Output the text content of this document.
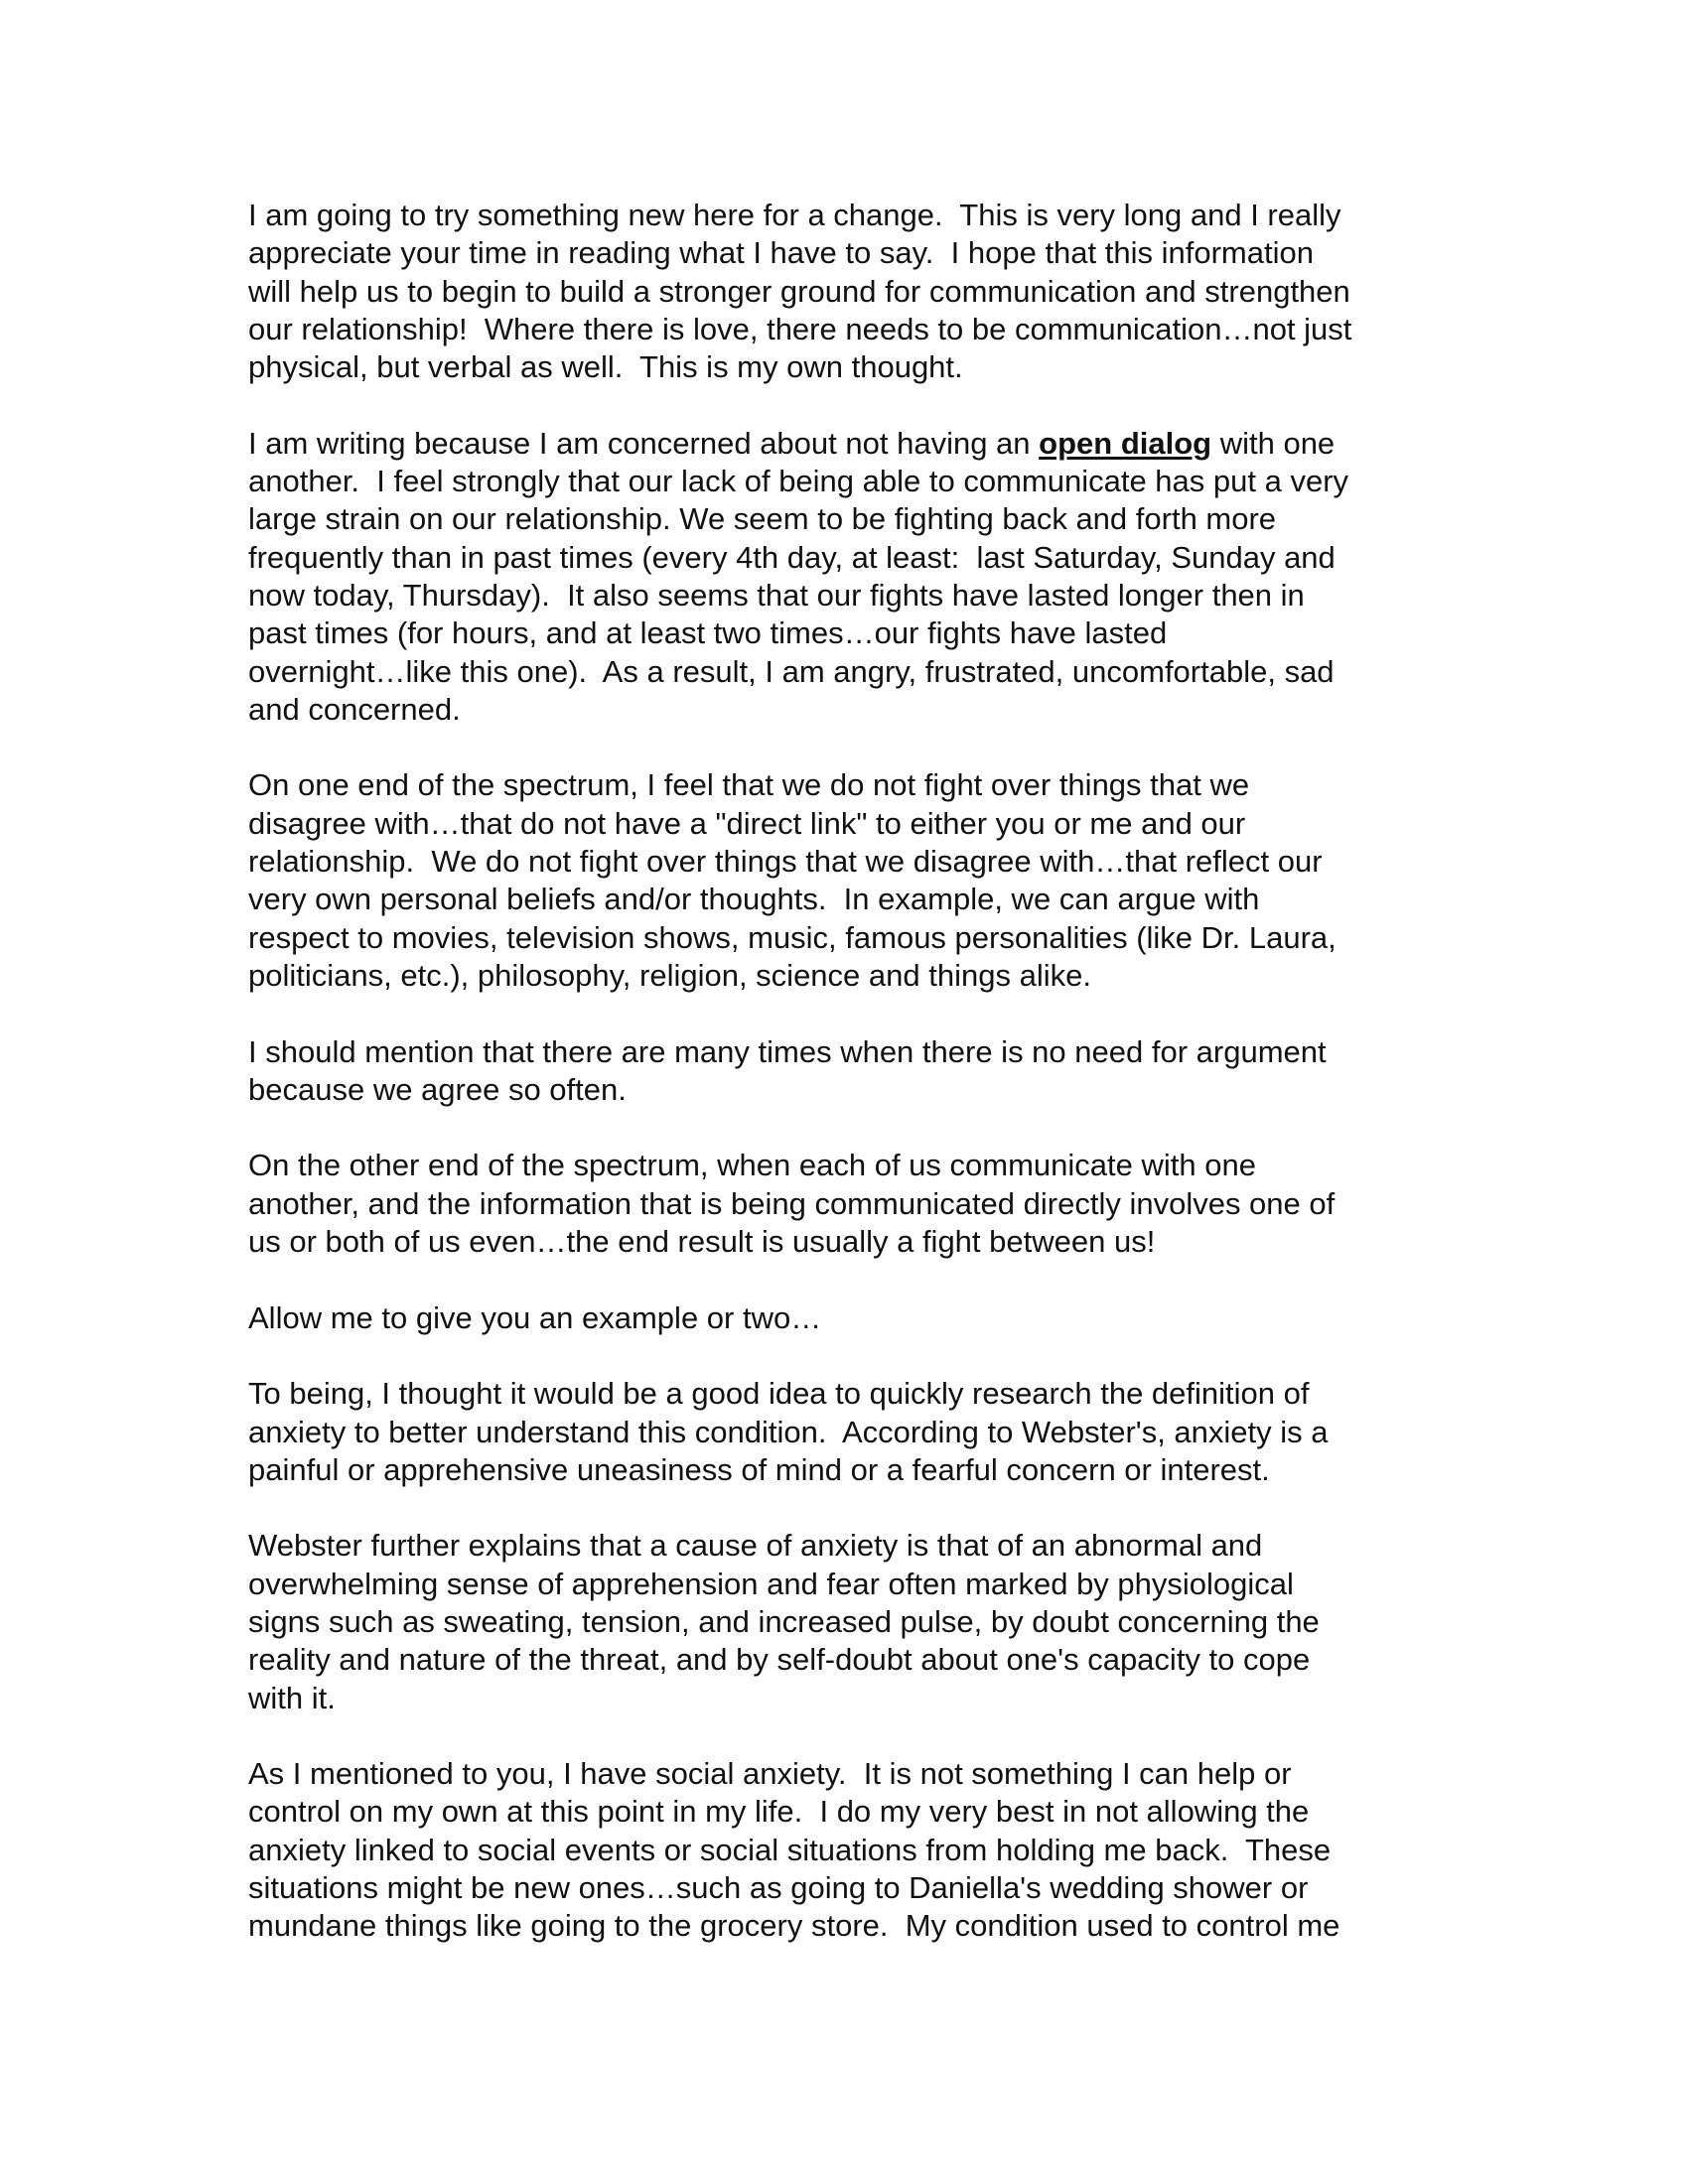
I am going to try something new here for a change.  This is very long and I really
appreciate your time in reading what I have to say.  I hope that this information
will help us to begin to build a stronger ground for communication and strengthen
our relationship!  Where there is love, there needs to be communication…not just
physical, but verbal as well.  This is my own thought.
I am writing because I am concerned about not having an open dialog with one
another.  I feel strongly that our lack of being able to communicate has put a very
large strain on our relationship. We seem to be fighting back and forth more
frequently than in past times (every 4th day, at least:  last Saturday, Sunday and
now today, Thursday).  It also seems that our fights have lasted longer then in
past times (for hours, and at least two times…our fights have lasted
overnight…like this one).  As a result, I am angry, frustrated, uncomfortable, sad
and concerned.
On one end of the spectrum, I feel that we do not fight over things that we
disagree with…that do not have a "direct link" to either you or me and our
relationship.  We do not fight over things that we disagree with…that reflect our
very own personal beliefs and/or thoughts.  In example, we can argue with
respect to movies, television shows, music, famous personalities (like Dr. Laura,
politicians, etc.), philosophy, religion, science and things alike.
I should mention that there are many times when there is no need for argument
because we agree so often.
On the other end of the spectrum, when each of us communicate with one
another, and the information that is being communicated directly involves one of
us or both of us even…the end result is usually a fight between us!
Allow me to give you an example or two…
To being, I thought it would be a good idea to quickly research the definition of
anxiety to better understand this condition.  According to Webster's, anxiety is a
painful or apprehensive uneasiness of mind or a fearful concern or interest.
Webster further explains that a cause of anxiety is that of an abnormal and
overwhelming sense of apprehension and fear often marked by physiological
signs such as sweating, tension, and increased pulse, by doubt concerning the
reality and nature of the threat, and by self-doubt about one's capacity to cope
with it.
As I mentioned to you, I have social anxiety.  It is not something I can help or
control on my own at this point in my life.  I do my very best in not allowing the
anxiety linked to social events or social situations from holding me back.  These
situations might be new ones…such as going to Daniella's wedding shower or
mundane things like going to the grocery store.  My condition used to control me
